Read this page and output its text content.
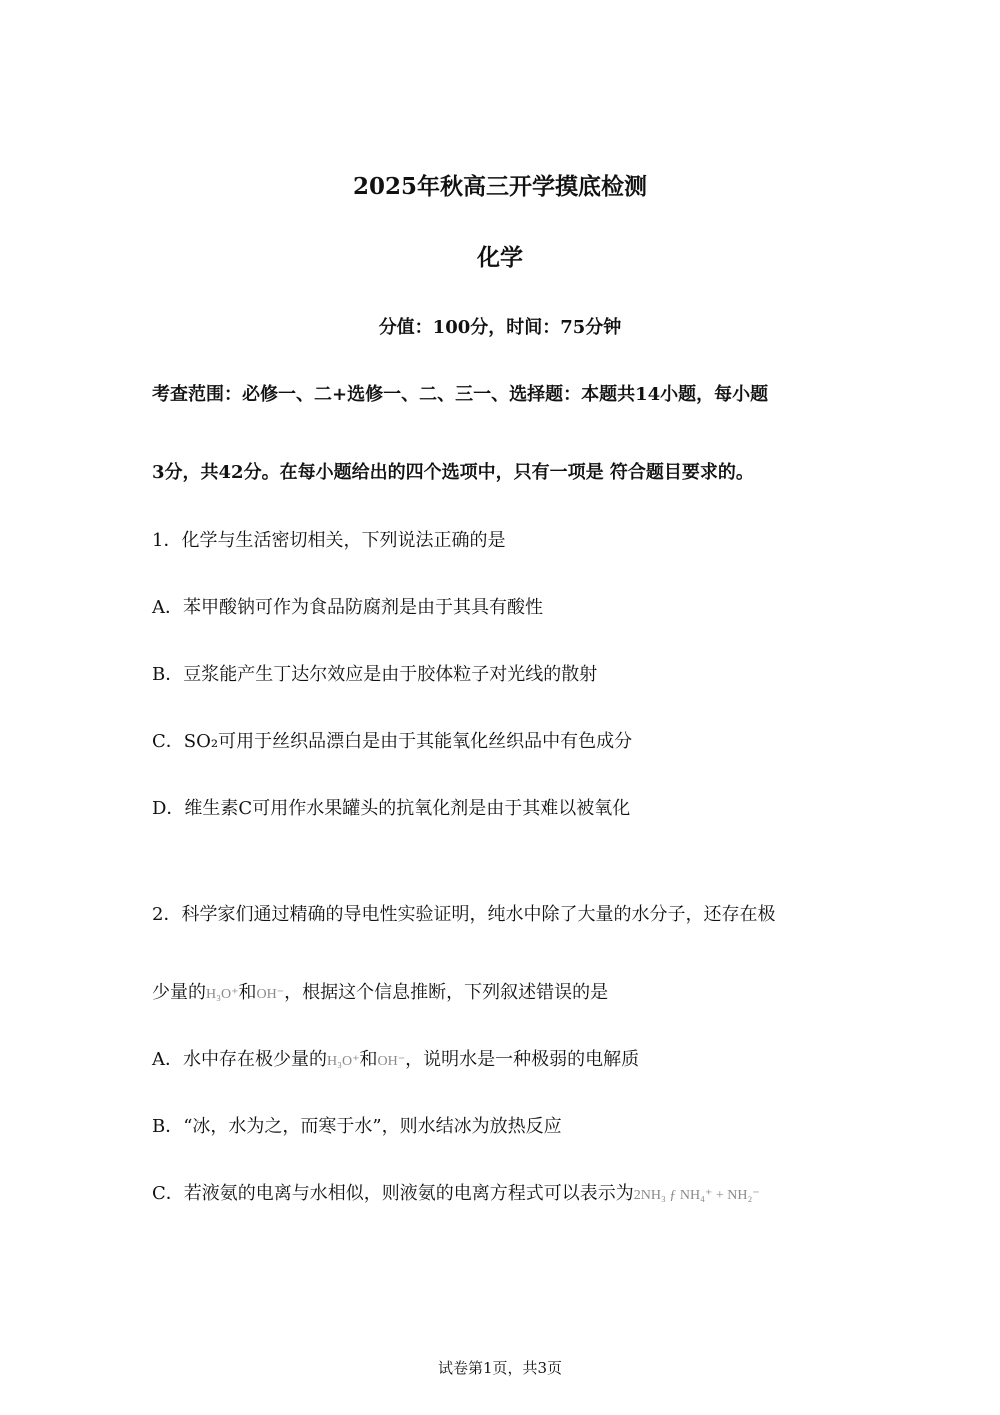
2025年秋高三开学摸底检测
化学
分值：100分，时间：75分钟
考查范围：必修一、二+选修一、二、三一、选择题：本题共14小题，每小题
3分，共42分。在每小题给出的四个选项中，只有一项是 符合题目要求的。
1．化学与生活密切相关，下列说法正确的是
A．苯甲酸钠可作为食品防腐剂是由于其具有酸性
B．豆浆能产生丁达尔效应是由于胶体粒子对光线的散射
C．SO₂可用于丝织品漂白是由于其能氧化丝织品中有色成分
D．维生素C可用作水果罐头的抗氧化剂是由于其难以被氧化
2．科学家们通过精确的导电性实验证明，纯水中除了大量的水分子，还存在极
少量的H₃O⁺和OH⁻，根据这个信息推断，下列叙述错误的是
A．水中存在极少量的H₃O⁺和OH⁻，说明水是一种极弱的电解质
B．“冰，水为之，而寒于水”，则水结冰为放热反应
C．若液氨的电离与水相似，则液氨的电离方程式可以表示为2NH₃ ƒ NH₄⁺ + NH₂⁻
试卷第1页，共3页
